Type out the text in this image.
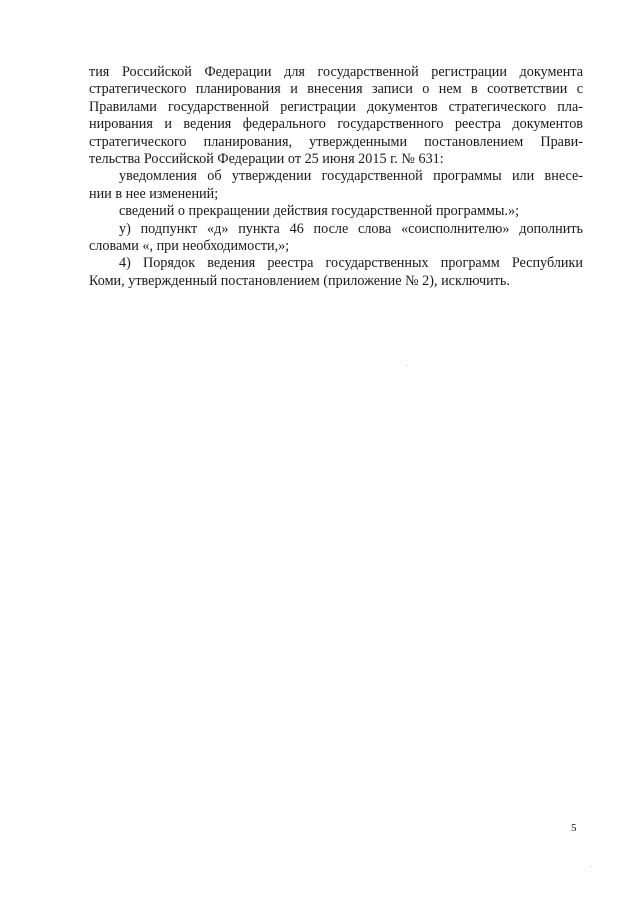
тия Российской Федерации для государственной регистрации документа
стратегического планирования и внесения записи о нем в соответствии с
Правилами государственной регистрации документов стратегического пла-
нирования и ведения федерального государственного реестра документов
стратегического планирования, утвержденными постановлением Прави-
тельства Российской Федерации от 25 июня 2015 г. № 631:
уведомления об утверждении государственной программы или внесе-
нии в нее изменений;
сведений о прекращении действия государственной программы.»;
у) подпункт «д» пункта 46 после слова «соисполнителю» дополнить
словами «, при необходимости,»;
4) Порядок ведения реестра государственных программ Республики
Коми, утвержденный постановлением (приложение № 2), исключить.
5
